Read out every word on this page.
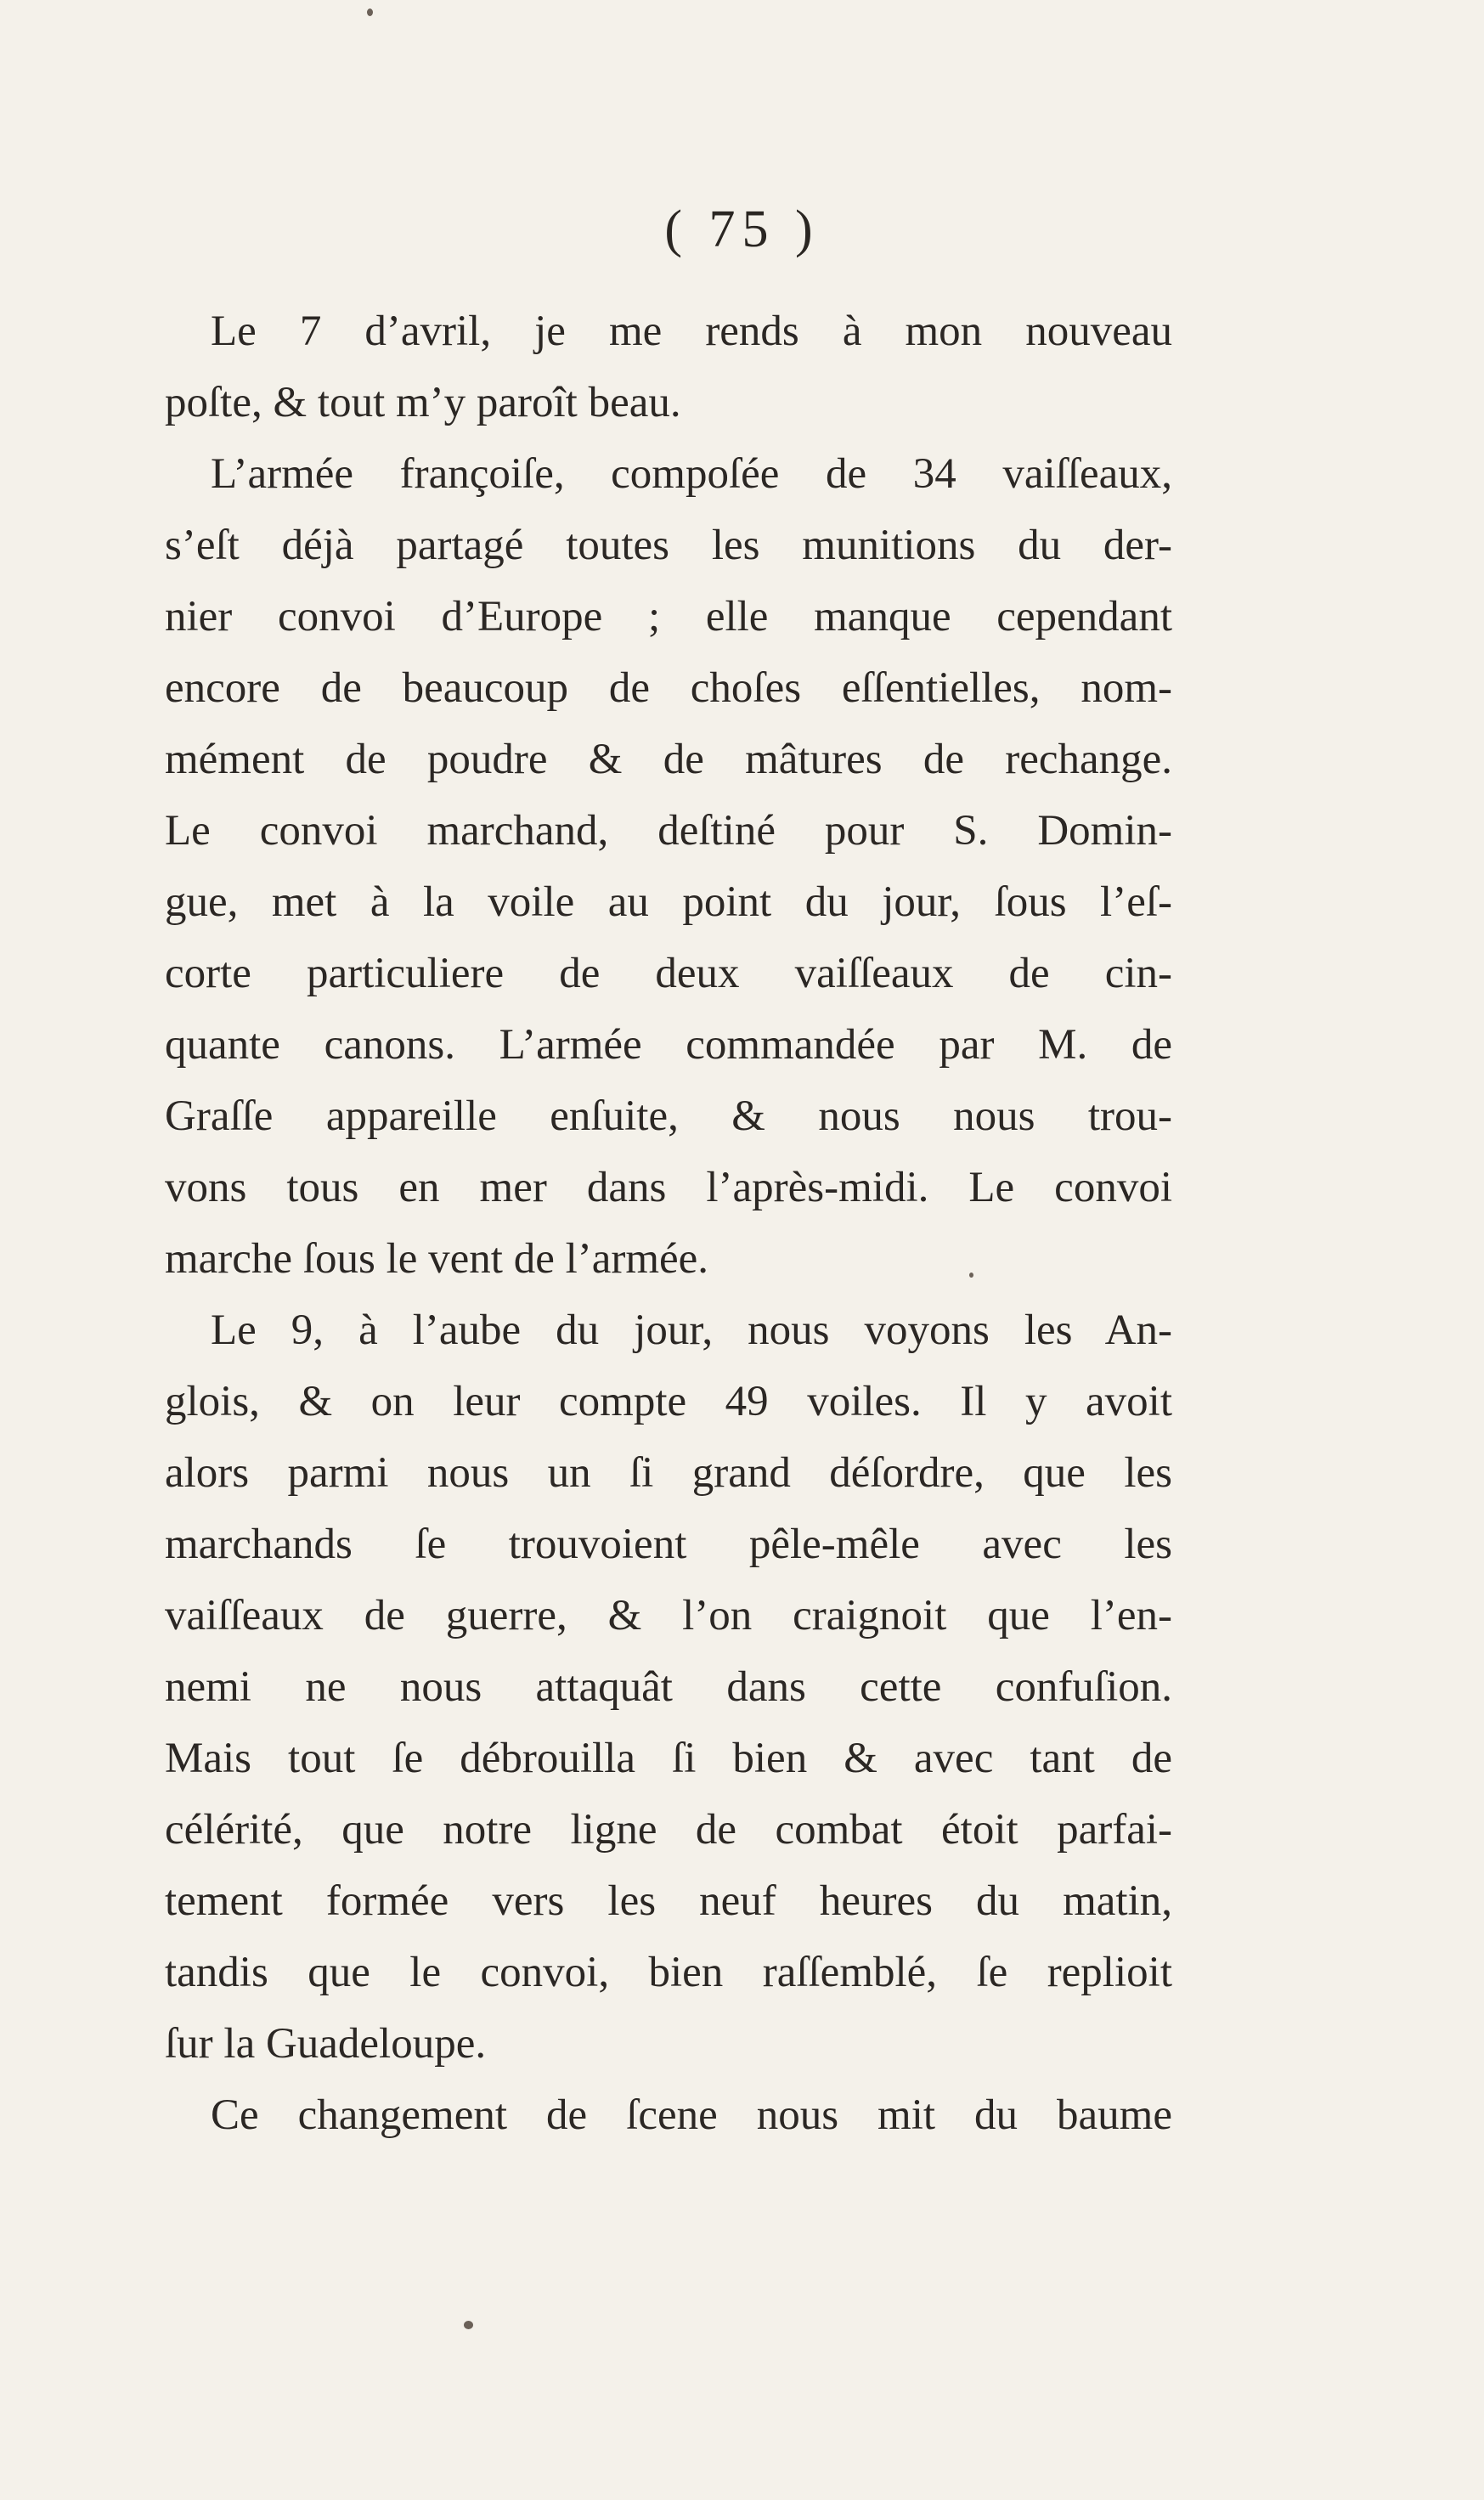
( 75 )
Le 7 d’avril, je me rends à mon nouveau
poſte, & tout m’y paroît beau.
L’armée françoiſe, compoſée de 34 vaiſſeaux,
s’eſt déjà partagé toutes les munitions du der-
nier convoi d’Europe ; elle manque cependant
encore de beaucoup de choſes eſſentielles, nom-
mément de poudre & de mâtures de rechange.
Le convoi marchand, deſtiné pour S. Domin-
gue, met à la voile au point du jour, ſous l’eſ-
corte particuliere de deux vaiſſeaux de cin-
quante canons. L’armée commandée par M. de
Graſſe appareille enſuite, & nous nous trou-
vons tous en mer dans l’après-midi. Le convoi
marche ſous le vent de l’armée.
Le 9, à l’aube du jour, nous voyons les An-
glois, & on leur compte 49 voiles. Il y avoit
alors parmi nous un ſi grand déſordre, que les
marchands ſe trouvoient pêle-mêle avec les
vaiſſeaux de guerre, & l’on craignoit que l’en-
nemi ne nous attaquât dans cette confuſion.
Mais tout ſe débrouilla ſi bien & avec tant de
célérité, que notre ligne de combat étoit parfai-
tement formée vers les neuf heures du matin,
tandis que le convoi, bien raſſemblé, ſe replioit
ſur la Guadeloupe.
Ce changement de ſcene nous mit du baume
